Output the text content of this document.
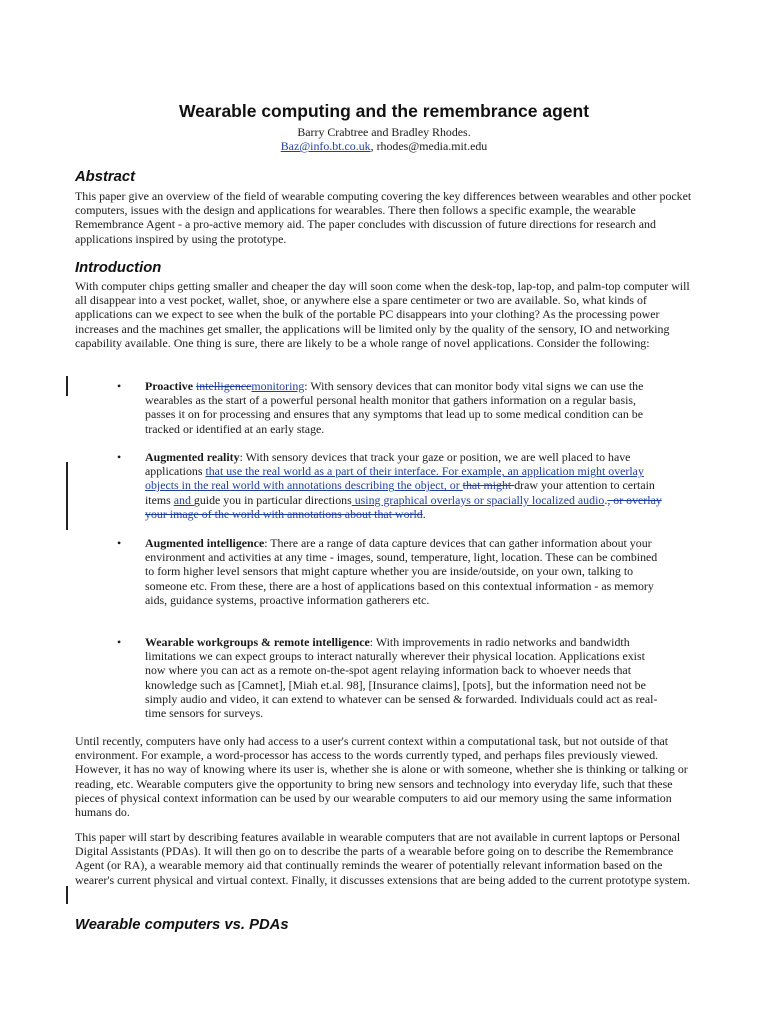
Wearable computing and the remembrance agent
Barry Crabtree and Bradley Rhodes.
Baz@info.bt.co.uk, rhodes@media.mit.edu
Abstract

This paper give an overview of the field of wearable computing covering the key differences between wearables and other pocket computers, issues with the design and applications for wearables. There then follows a specific example, the wearable Remembrance Agent - a pro-active memory aid. The paper concludes with discussion of future directions for research and applications inspired by using the prototype.

Introduction

With computer chips getting smaller and cheaper the day will soon come when the desk-top, lap-top, and palm-top computer will all disappear into a vest pocket, wallet, shoe, or anywhere else a spare centimeter or two are available. So, what kinds of applications can we expect to see when the bulk of the portable PC disappears into your clothing? As the processing power increases and the machines get smaller, the applications will be limited only by the quality of the sensory, IO and networking capability available. One thing is sure, there are likely to be a whole range of novel applications. Consider the following:

•	Proactive intelligencemonitoring: With sensory devices that can monitor body vital signs we can use the wearables as the start of a powerful personal health monitor that gathers information on a regular basis, passes it on for processing and ensures that any symptoms that lead up to some medical condition can be tracked or identified at an early stage.

•	Augmented reality: With sensory devices that track your gaze or position, we are well placed to have applications that use the real world as a part of their interface. For example, an application might overlay objects in the real world with annotations describing the object, or that might draw your attention to certain items and guide you in particular directions using graphical overlays or spacially localized audio., or overlay your image of the world with annotations about that world.

•	Augmented intelligence: There are a range of data capture devices that can gather information about your environment and activities at any time - images, sound, temperature, light, location. These can be combined to form higher level sensors that might capture whether you are inside/outside, on your own, talking to someone etc. From these, there are a host of applications based on this contextual information - as memory aids, guidance systems, proactive information gatherers etc.

•	Wearable workgroups & remote intelligence: With improvements in radio networks and bandwidth limitations we can expect groups to interact naturally wherever their physical location. Applications exist now where you can act as a remote on-the-spot agent relaying information back to whoever needs that knowledge such as [Camnet], [Miah et.al. 98], [Insurance claims], [pots], but the information need not be simply audio and video, it can extend to whatever can be sensed & forwarded. Individuals could act as real-time sensors for surveys.

Until recently, computers have only had access to a user's current context within a computational task, but not outside of that environment. For example, a word-processor has access to the words currently typed, and perhaps files previously viewed. However, it has no way of knowing where its user is, whether she is alone or with someone, whether she is thinking or talking or reading, etc. Wearable computers give the opportunity to bring new sensors and technology into everyday life, such that these pieces of physical context information can be used by our wearable computers to aid our memory using the same information humans do.

This paper will start by describing features available in wearable computers that are not available in current laptops or Personal Digital Assistants (PDAs). It will then go on to describe the parts of a wearable before going on to describe the Remembrance Agent (or RA), a wearable memory aid that continually reminds the wearer of potentially relevant information based on the wearer's current physical and virtual context. Finally, it discusses extensions that are being added to the current prototype system.

Wearable computers vs. PDAs
